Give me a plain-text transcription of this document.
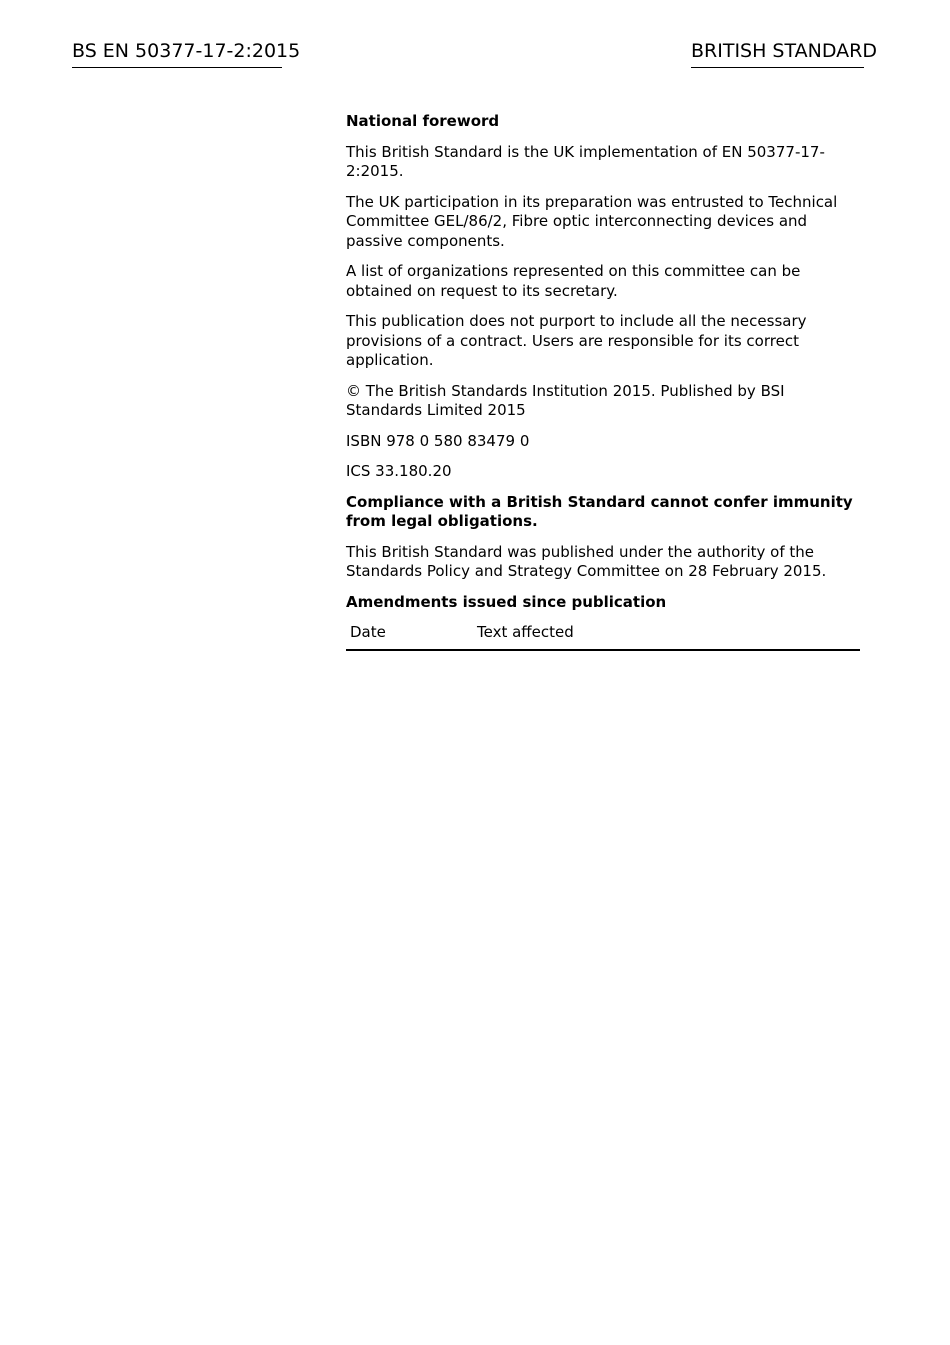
BS EN 50377-17-2:2015	BRITISH STANDARD

National foreword

This British Standard is the UK implementation of EN 50377-17-2:2015.

The UK participation in its preparation was entrusted to Technical Committee GEL/86/2, Fibre optic interconnecting devices and passive components.

A list of organizations represented on this committee can be obtained on request to its secretary.

This publication does not purport to include all the necessary provisions of a contract. Users are responsible for its correct application.

© The British Standards Institution 2015. Published by BSI Standards Limited 2015

ISBN 978 0 580 83479 0

ICS 33.180.20

Compliance with a British Standard cannot confer immunity from legal obligations.

This British Standard was published under the authority of the Standards Policy and Strategy Committee on 28 February 2015.

Amendments issued since publication

Date	Text affected
